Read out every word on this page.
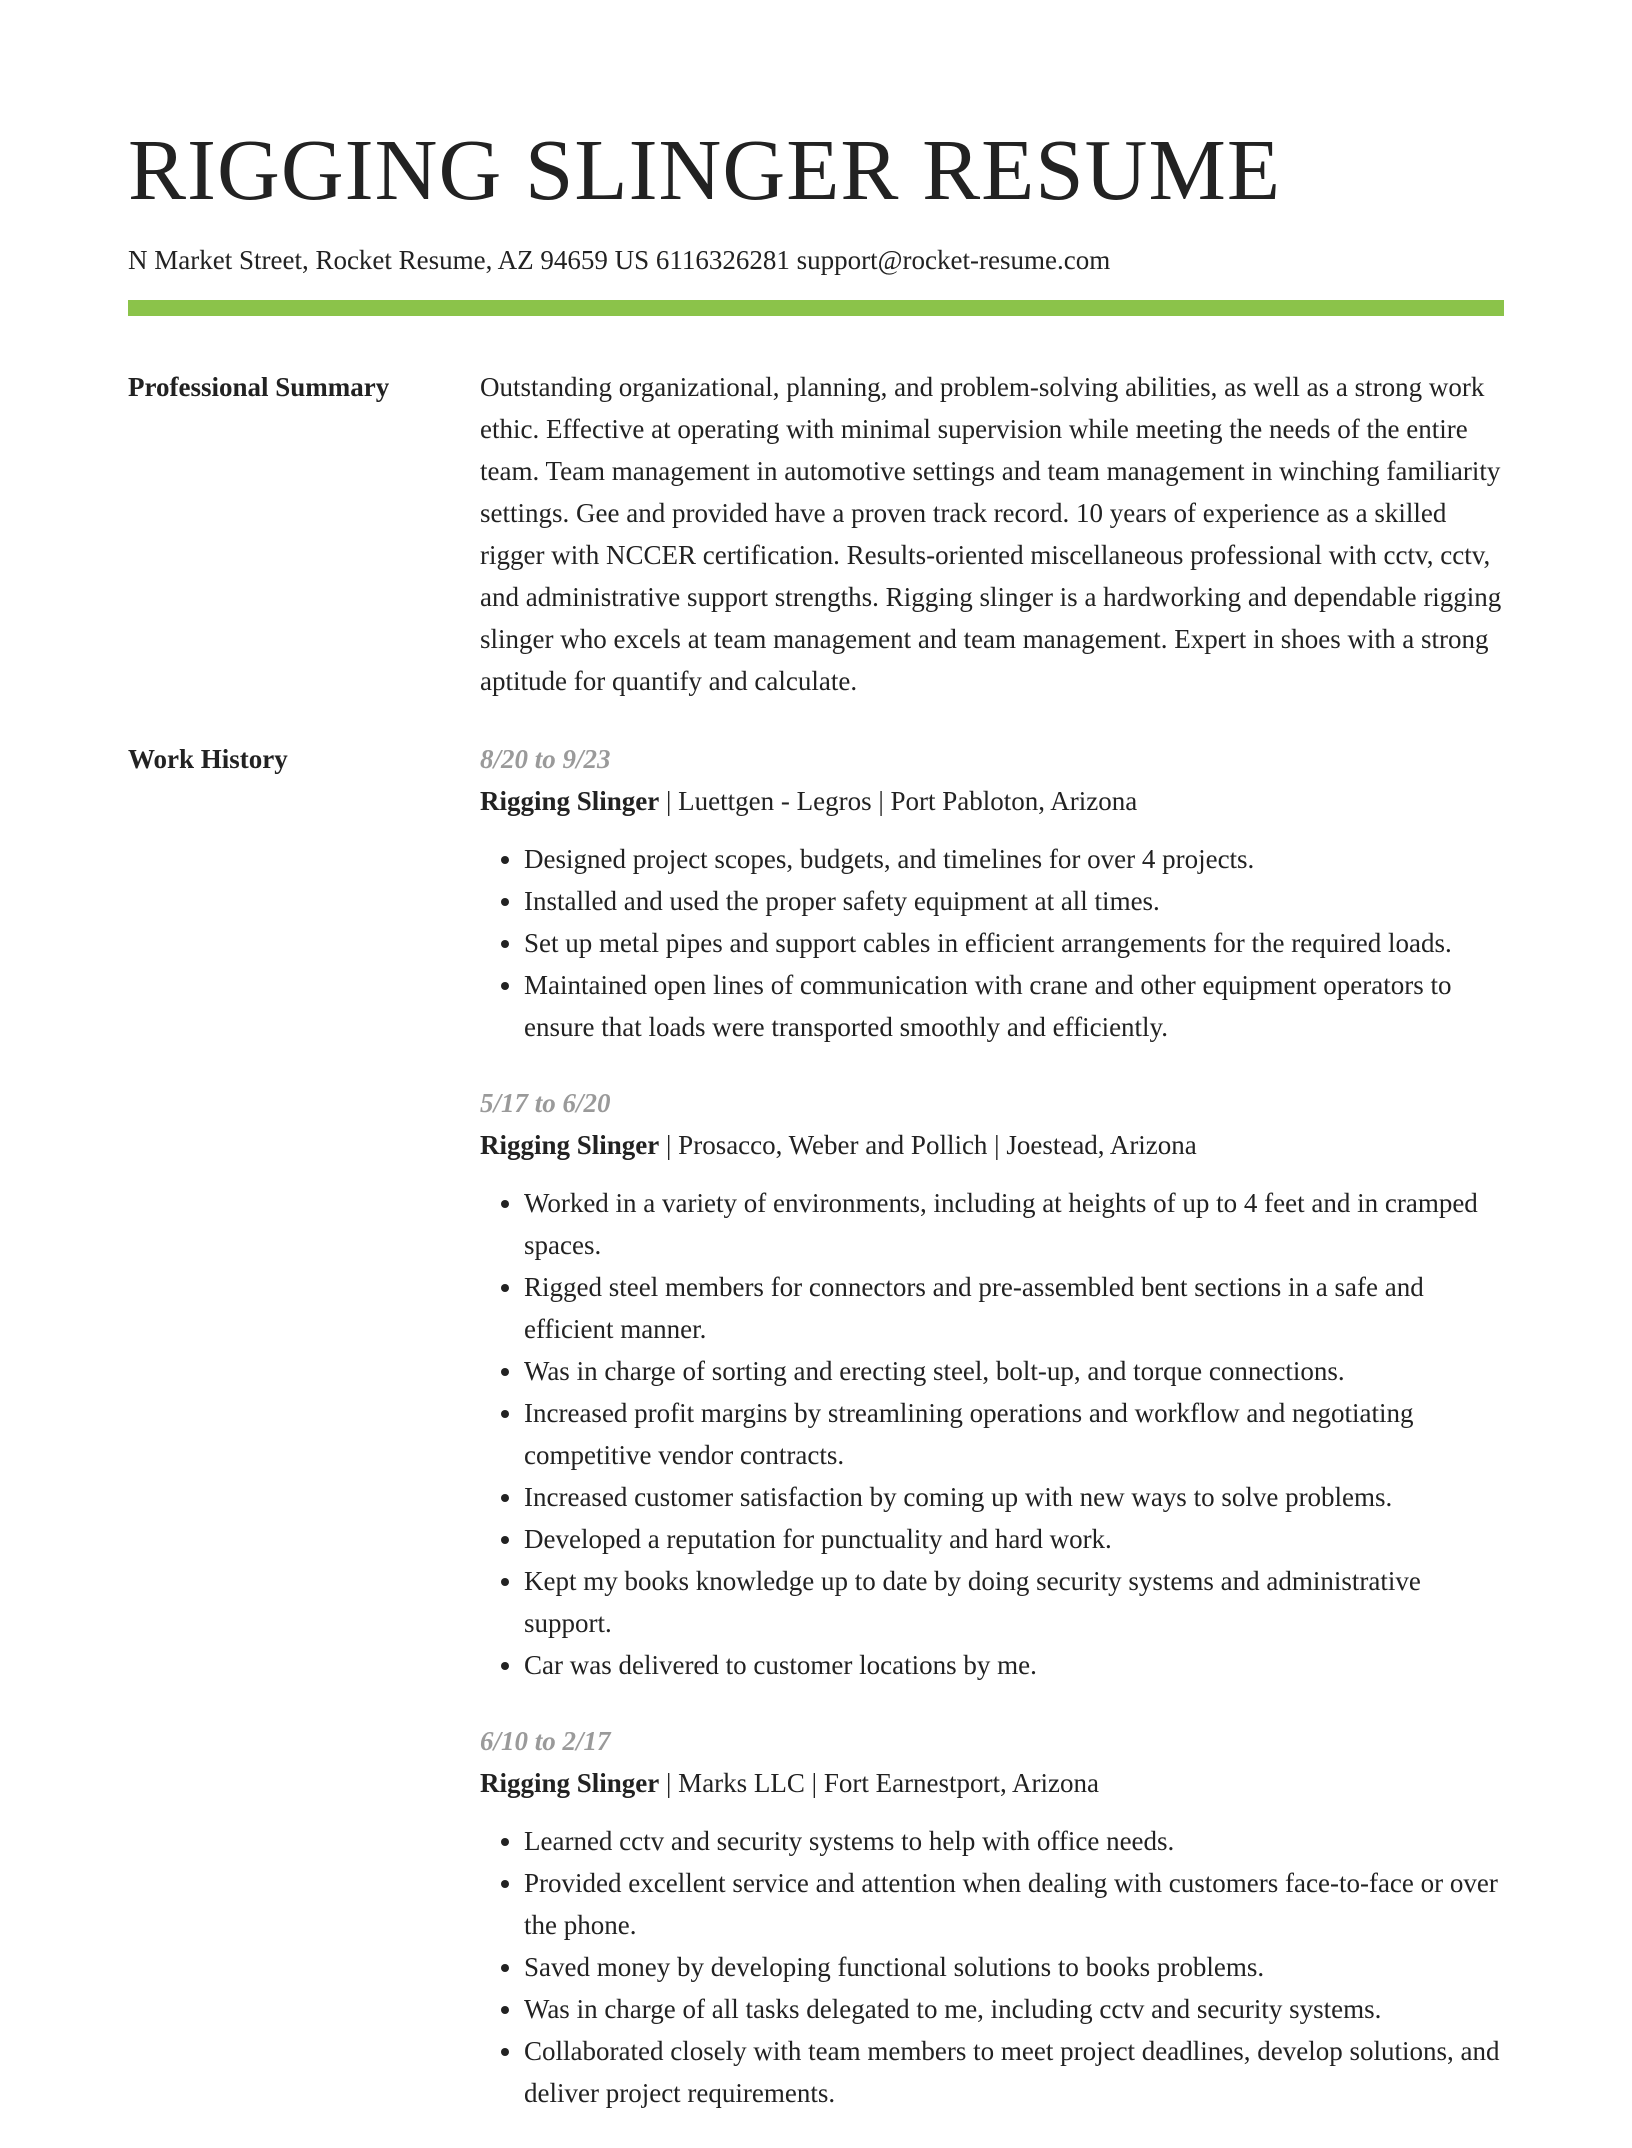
RIGGING SLINGER RESUME
N Market Street, Rocket Resume, AZ 94659 US 6116326281 support@rocket-resume.com
Professional Summary	Outstanding organizational, planning, and problem-solving abilities, as well as a strong work ethic. Effective at operating with minimal supervision while meeting the needs of the entire team. Team management in automotive settings and team management in winching familiarity settings. Gee and provided have a proven track record. 10 years of experience as a skilled rigger with NCCER certification. Results-oriented miscellaneous professional with cctv, cctv, and administrative support strengths. Rigging slinger is a hardworking and dependable rigging slinger who excels at team management and team management. Expert in shoes with a strong aptitude for quantify and calculate.

Work History	8/20 to 9/23
Rigging Slinger | Luettgen - Legros | Port Pabloton, Arizona
• Designed project scopes, budgets, and timelines for over 4 projects.
• Installed and used the proper safety equipment at all times.
• Set up metal pipes and support cables in efficient arrangements for the required loads.
• Maintained open lines of communication with crane and other equipment operators to ensure that loads were transported smoothly and efficiently.
5/17 to 6/20
Rigging Slinger | Prosacco, Weber and Pollich | Joestead, Arizona
• Worked in a variety of environments, including at heights of up to 4 feet and in cramped spaces.
• Rigged steel members for connectors and pre-assembled bent sections in a safe and efficient manner.
• Was in charge of sorting and erecting steel, bolt-up, and torque connections.
• Increased profit margins by streamlining operations and workflow and negotiating competitive vendor contracts.
• Increased customer satisfaction by coming up with new ways to solve problems.
• Developed a reputation for punctuality and hard work.
• Kept my books knowledge up to date by doing security systems and administrative support.
• Car was delivered to customer locations by me.
6/10 to 2/17
Rigging Slinger | Marks LLC | Fort Earnestport, Arizona
• Learned cctv and security systems to help with office needs.
• Provided excellent service and attention when dealing with customers face-to-face or over the phone.
• Saved money by developing functional solutions to books problems.
• Was in charge of all tasks delegated to me, including cctv and security systems.
• Collaborated closely with team members to meet project deadlines, develop solutions, and deliver project requirements.
